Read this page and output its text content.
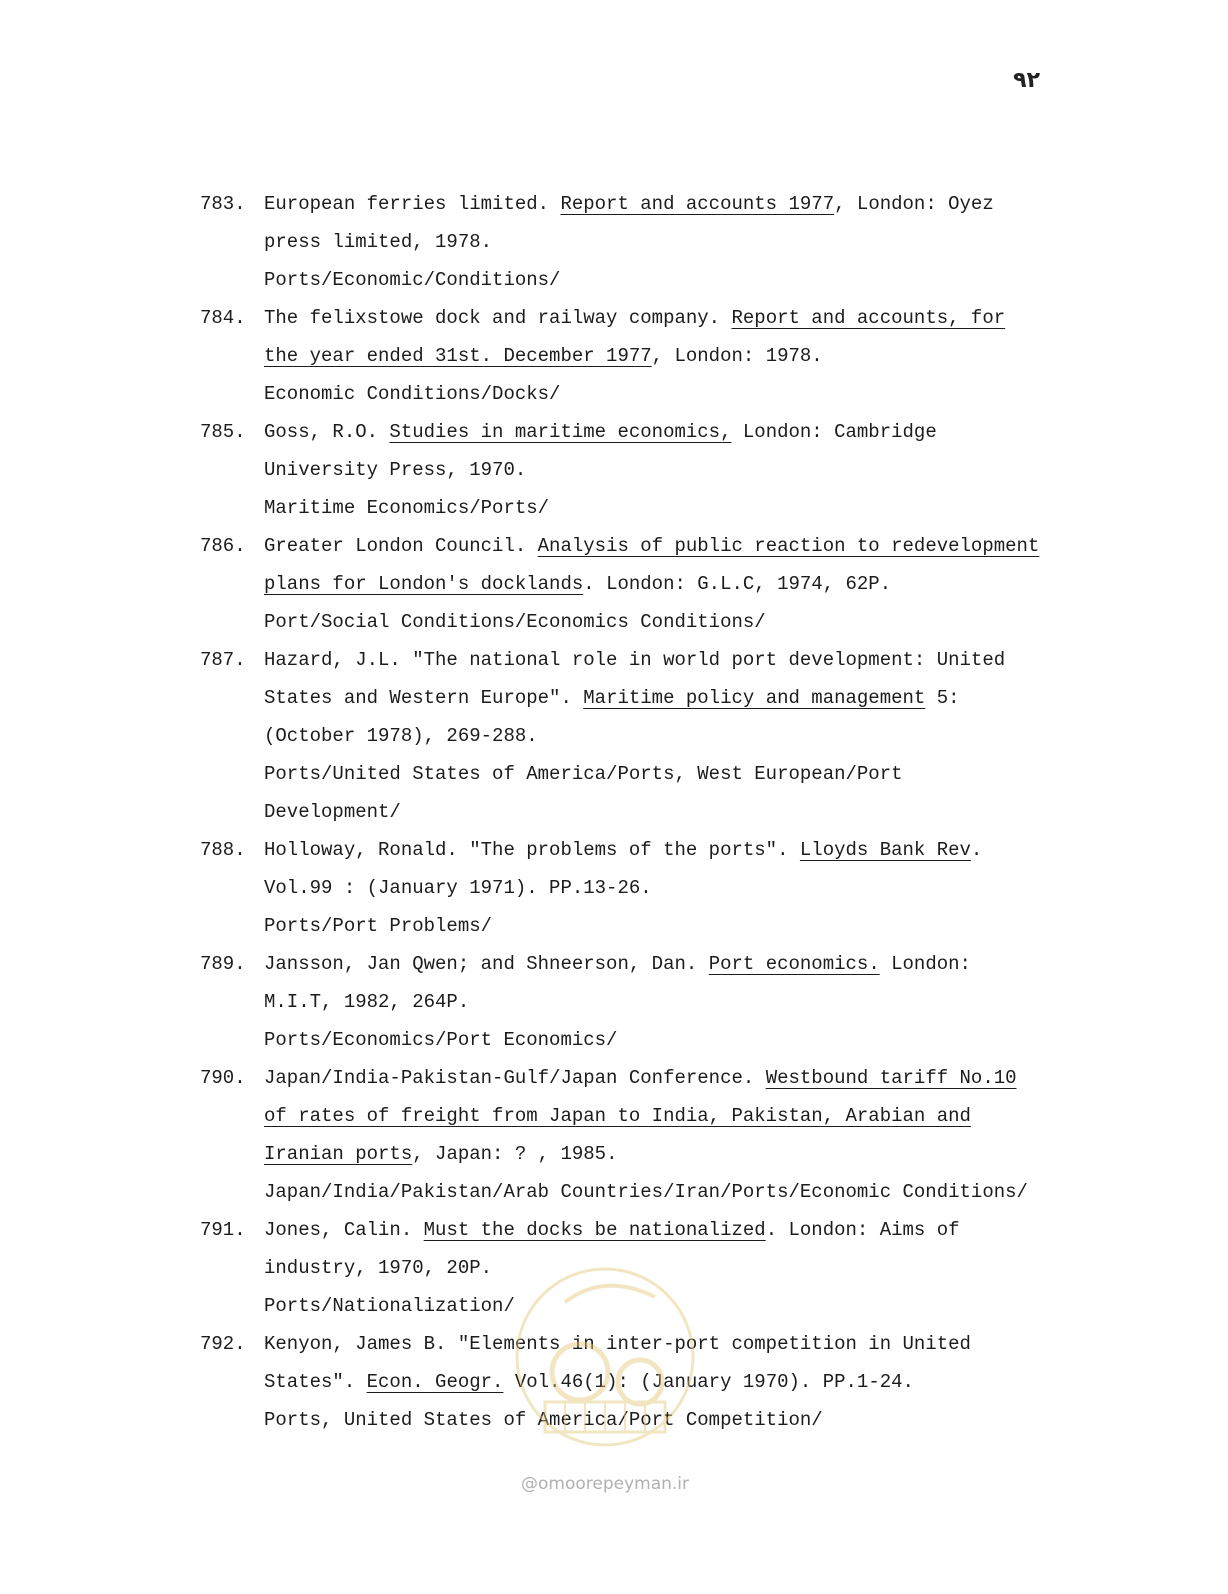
۹۲
783. European ferries limited. Report and accounts 1977, London: Oyez press limited, 1978.

Ports/Economic/Conditions/

784. The felixstowe dock and railway company. Report and accounts, for the year ended 31st. December 1977, London: 1978.

Economic Conditions/Docks/

785. Goss, R.O. Studies in maritime economics, London: Cambridge University Press, 1970.

Maritime Economics/Ports/

786. Greater London Council. Analysis of public reaction to redevelopment plans for London's docklands. London: G.L.C, 1974, 62P.

Port/Social Conditions/Economics Conditions/

787. Hazard, J.L. "The national role in world port development: United States and Western Europe". Maritime policy and management 5: (October 1978), 269-288.

Ports/United States of America/Ports, West European/Port Development/

788. Holloway, Ronald. "The problems of the ports". Lloyds Bank Rev. Vol.99 : (January 1971). PP.13-26.

Ports/Port Problems/

789. Jansson, Jan Qwen; and Shneerson, Dan. Port economics. London: M.I.T, 1982, 264P.

Ports/Economics/Port Economics/

790. Japan/India-Pakistan-Gulf/Japan Conference. Westbound tariff No.10 of rates of freight from Japan to India, Pakistan, Arabian and Iranian ports, Japan: ? , 1985.

Japan/India/Pakistan/Arab Countries/Iran/Ports/Economic Conditions/

791. Jones, Calin. Must the docks be nationalized. London: Aims of industry, 1970, 20P.

Ports/Nationalization/

792. Kenyon, James B. "Elements in inter-port competition in United States". Econ. Geogr. Vol.46(1): (January 1970). PP.1-24.

Ports, United States of America/Port Competition/

@omoorepeyman.ir
